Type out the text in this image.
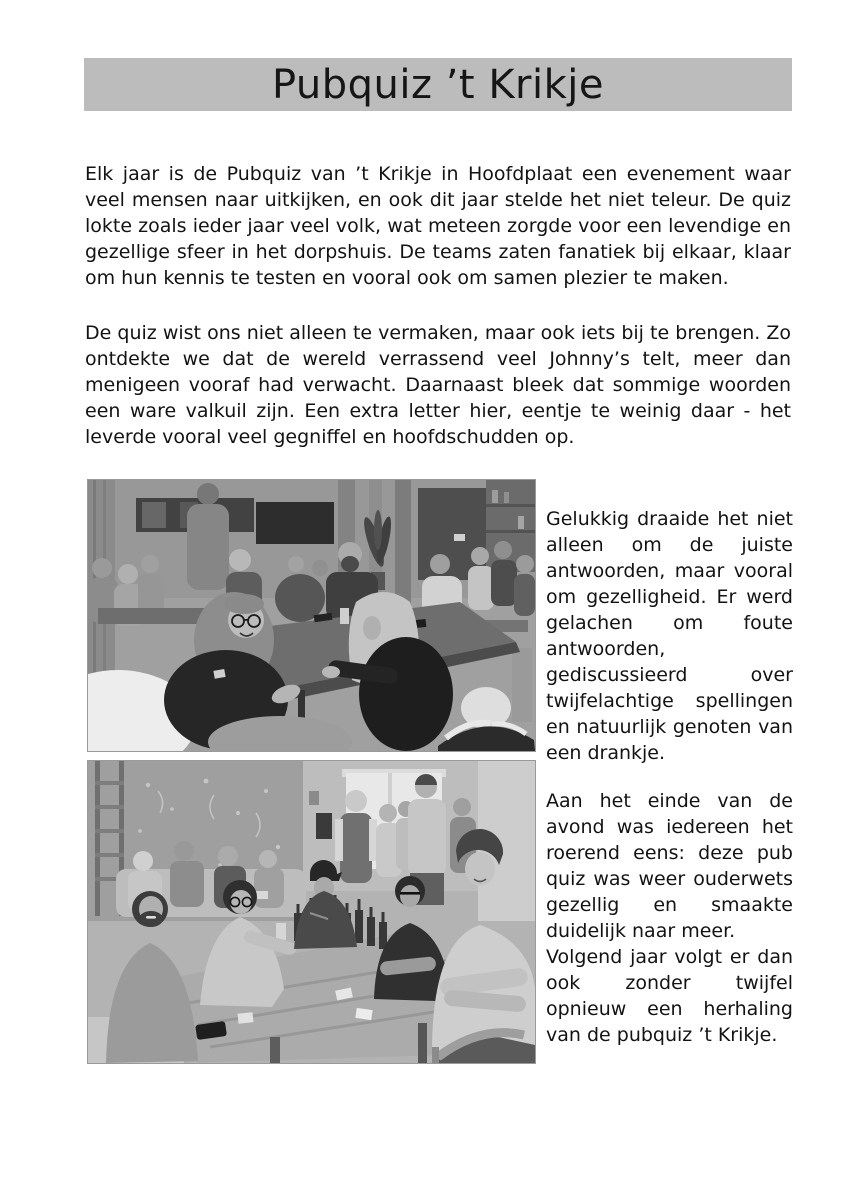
Pubquiz ’t Krikje

Elk jaar is de Pubquiz van ’t Krikje in Hoofdplaat een evenement waar veel mensen naar uitkijken, en ook dit jaar stelde het niet teleur. De quiz lokte zoals ieder jaar veel volk, wat meteen zorgde voor een levendige en gezellige sfeer in het dorpshuis. De teams zaten fanatiek bij elkaar, klaar om hun kennis te testen en vooral ook om samen plezier te maken.

De quiz wist ons niet alleen te vermaken, maar ook iets bij te brengen. Zo ontdekte we dat de wereld verrassend veel Johnny’s telt, meer dan menigeen vooraf had verwacht. Daarnaast bleek dat sommige woorden een ware valkuil zijn. Een extra letter hier, eentje te weinig daar - het leverde vooral veel gegniffel en hoofdschudden op.

Gelukkig draaide het niet alleen om de juiste antwoorden, maar vooral om gezelligheid. Er werd gelachen om foute antwoorden, gediscussieerd over twijfelachtige spellingen en natuurlijk genoten van een drankje.

Aan het einde van de avond was iedereen het roerend eens: deze pub quiz was weer ouderwets gezellig en smaakte duidelijk naar meer.
Volgend jaar volgt er dan ook zonder twijfel opnieuw een herhaling van de pubquiz ’t Krikje.
